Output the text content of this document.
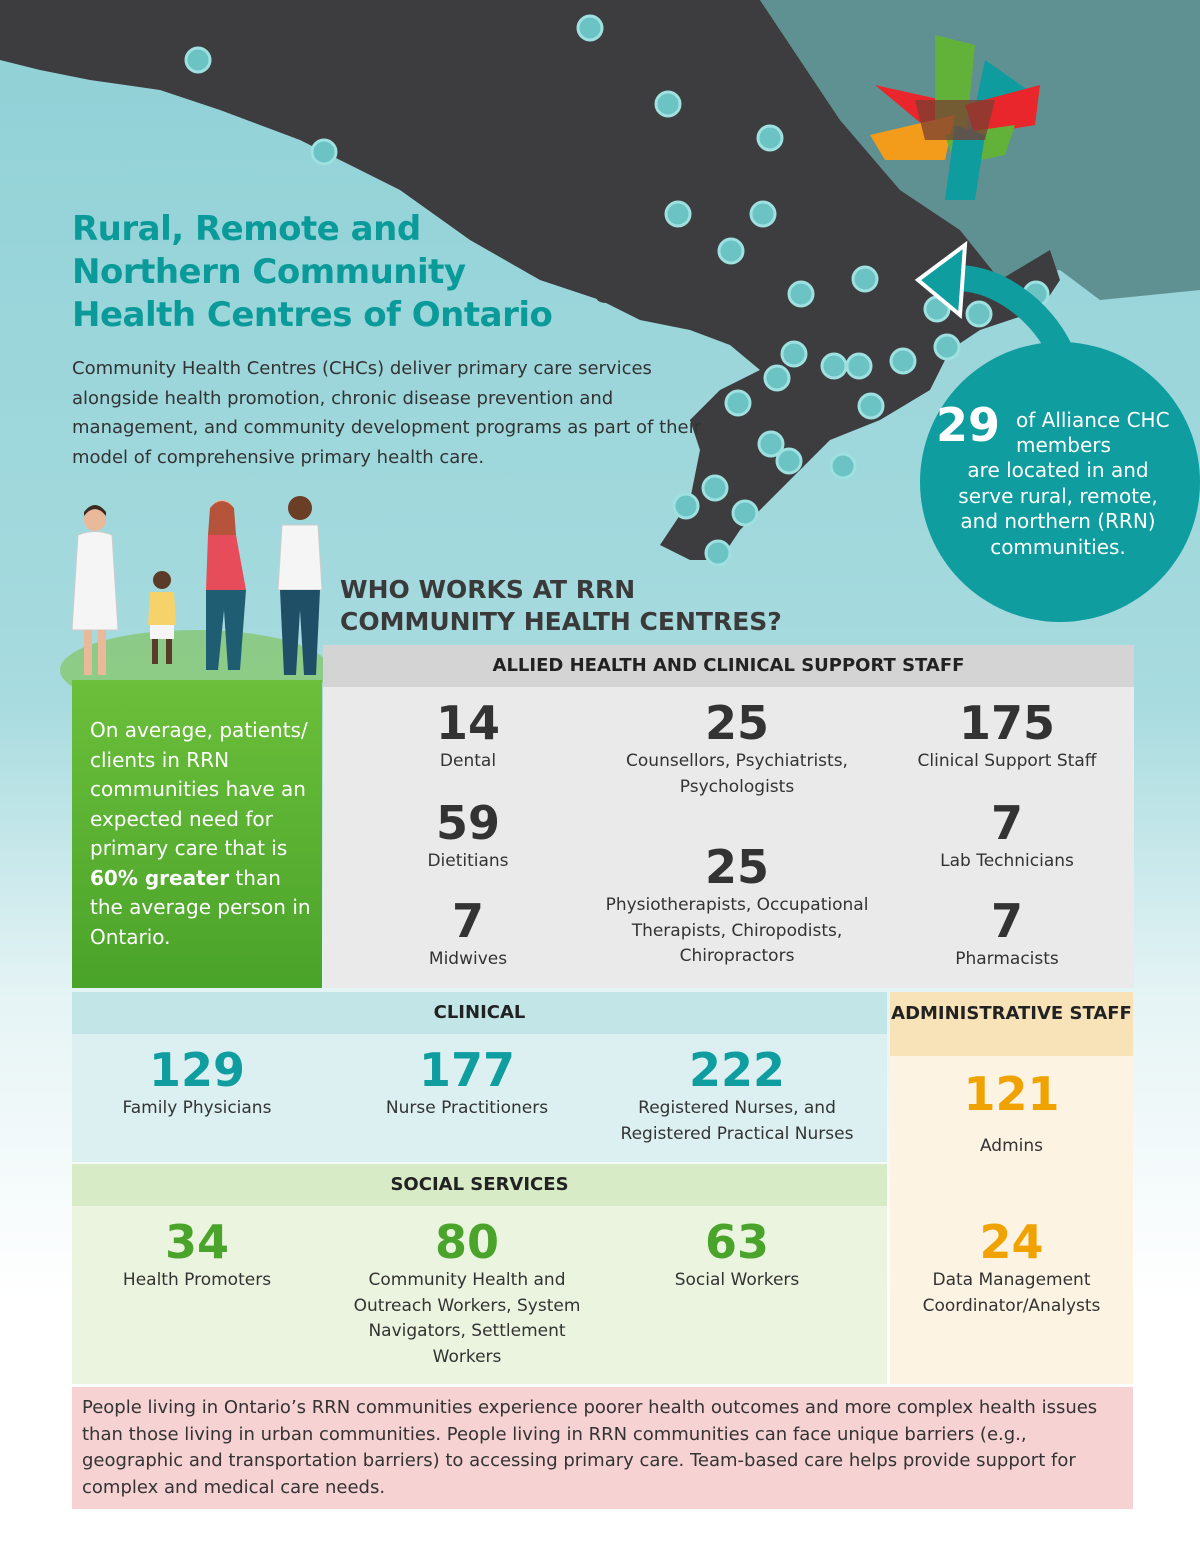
Rural, Remote and
Northern Community
Health Centres of Ontario

Community Health Centres (CHCs) deliver primary care services alongside health promotion, chronic disease prevention and management, and community development programs as part of their model of comprehensive primary health care.

29 of Alliance CHC members
are located in and serve rural, remote, and northern (RRN) communities.
WHO WORKS AT RRN
COMMUNITY HEALTH CENTRES?
On average, patients/ clients in RRN communities have an expected need for primary care that is 60% greater than the average person in Ontario.
ALLIED HEALTH AND CLINICAL SUPPORT STAFF
14
Dental
59
Dietitians
7
Midwives
25
Counsellors, Psychiatrists, Psychologists
25
Physiotherapists, Occupational Therapists, Chiropodists, Chiropractors
175
Clinical Support Staff
7
Lab Technicians
7
Pharmacists
CLINICAL
129
Family Physicians
177
Nurse Practitioners
222
Registered Nurses, and Registered Practical Nurses
SOCIAL SERVICES
34
Health Promoters
80
Community Health and Outreach Workers, System Navigators, Settlement Workers
63
Social Workers
ADMINISTRATIVE STAFF
121
Admins
24
Data Management Coordinator/Analysts
People living in Ontario’s RRN communities experience poorer health outcomes and more complex health issues than those living in urban communities. People living in RRN communities can face unique barriers (e.g., geographic and transportation barriers) to accessing primary care. Team-based care helps provide support for complex and medical care needs.
